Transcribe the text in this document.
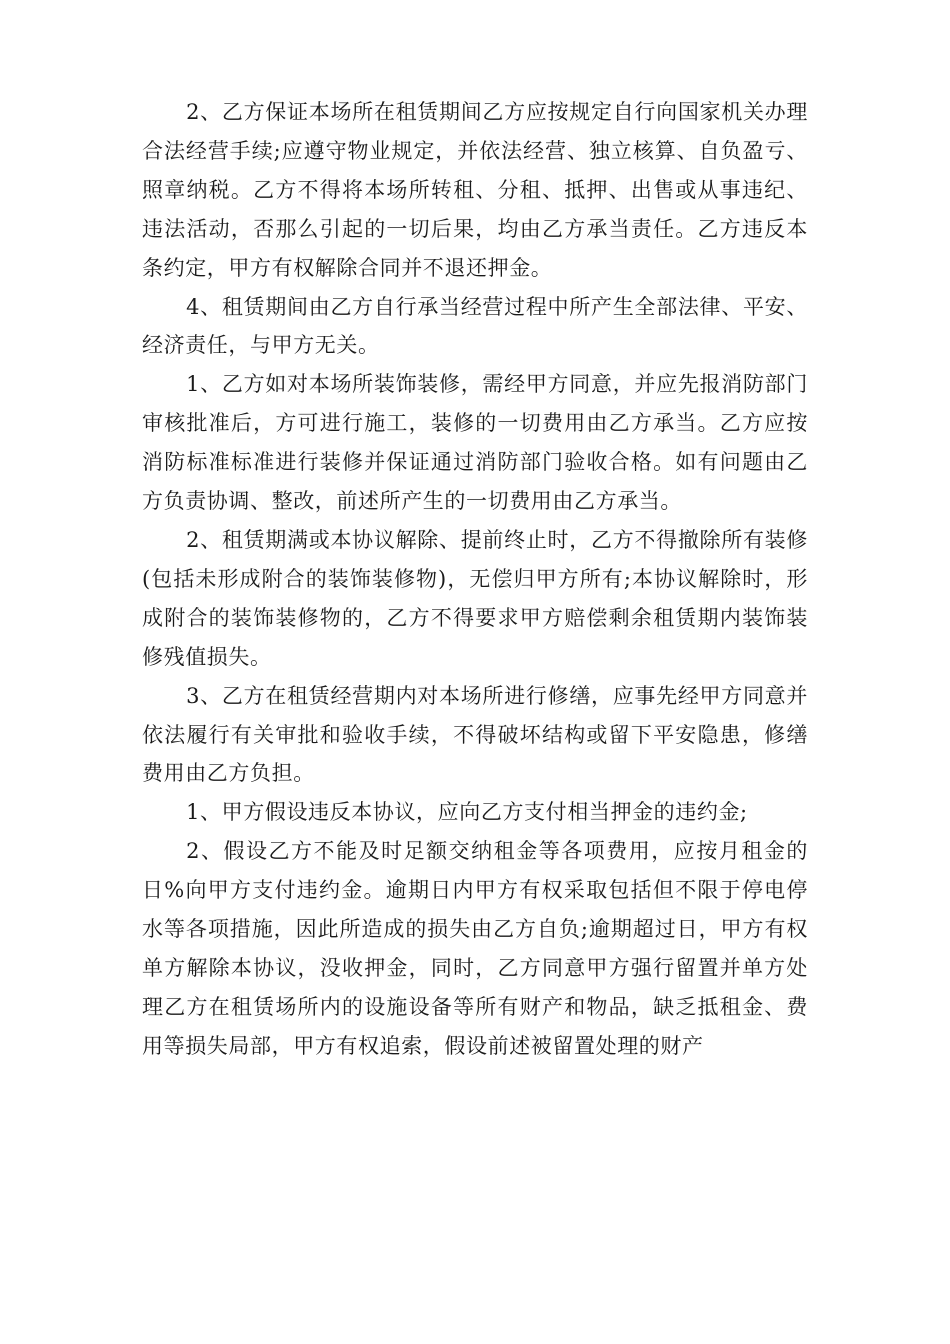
2、乙方保证本场所在租赁期间乙方应按规定自行向国家机关办理合法经营手续;应遵守物业规定，并依法经营、独立核算、自负盈亏、照章纳税。乙方不得将本场所转租、分租、抵押、出售或从事违纪、违法活动，否那么引起的一切后果，均由乙方承当责任。乙方违反本条约定，甲方有权解除合同并不退还押金。

4、租赁期间由乙方自行承当经营过程中所产生全部法律、平安、经济责任，与甲方无关。

1、乙方如对本场所装饰装修，需经甲方同意，并应先报消防部门审核批准后，方可进行施工，装修的一切费用由乙方承当。乙方应按消防标准标准进行装修并保证通过消防部门验收合格。如有问题由乙方负责协调、整改，前述所产生的一切费用由乙方承当。

2、租赁期满或本协议解除、提前终止时，乙方不得撤除所有装修(包括未形成附合的装饰装修物)，无偿归甲方所有;本协议解除时，形成附合的装饰装修物的，乙方不得要求甲方赔偿剩余租赁期内装饰装修残值损失。

3、乙方在租赁经营期内对本场所进行修缮，应事先经甲方同意并依法履行有关审批和验收手续，不得破坏结构或留下平安隐患，修缮费用由乙方负担。

1、甲方假设违反本协议，应向乙方支付相当押金的违约金;

2、假设乙方不能及时足额交纳租金等各项费用，应按月租金的日%向甲方支付违约金。逾期日内甲方有权采取包括但不限于停电停水等各项措施，因此所造成的损失由乙方自负;逾期超过日，甲方有权单方解除本协议，没收押金，同时，乙方同意甲方强行留置并单方处理乙方在租赁场所内的设施设备等所有财产和物品，缺乏抵租金、费用等损失局部，甲方有权追索，假设前述被留置处理的财产
